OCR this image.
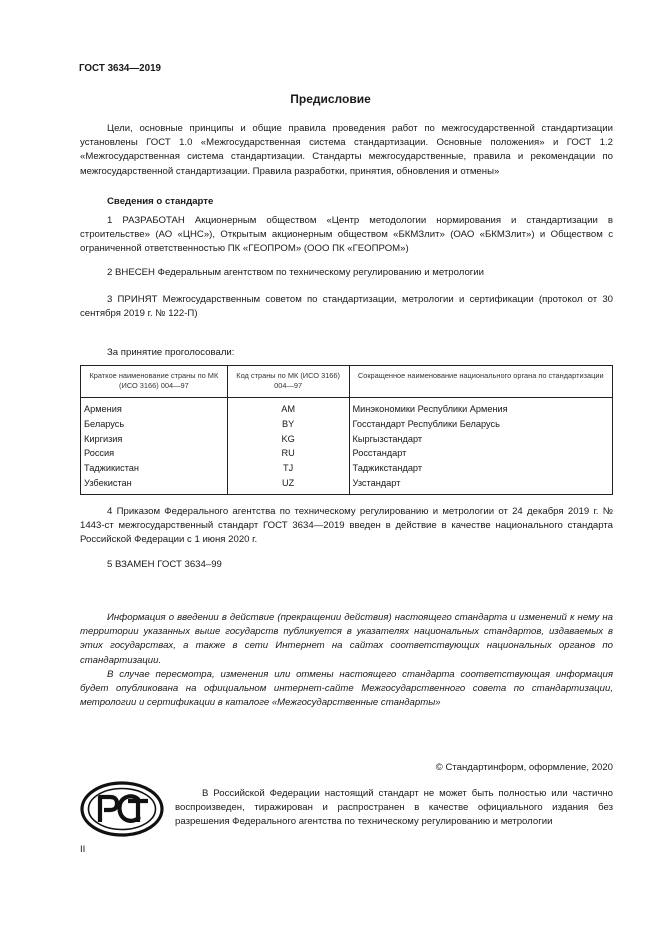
ГОСТ 3634—2019
Предисловие

Цели, основные принципы и общие правила проведения работ по межгосударственной стандартизации установлены ГОСТ 1.0 «Межгосударственная система стандартизации. Основные положения» и ГОСТ 1.2 «Межгосударственная система стандартизации. Стандарты межгосударственные, правила и рекомендации по межгосударственной стандартизации. Правила разработки, принятия, обновления и отмены»

Сведения о стандарте

1 РАЗРАБОТАН Акционерным обществом «Центр методологии нормирования и стандартизации в строительстве» (АО «ЦНС»), Открытым акционерным обществом «БКМЗлит» (ОАО «БКМЗлит») и Обществом с ограниченной ответственностью ПК «ГЕОПРОМ» (ООО ПК «ГЕОПРОМ»)

2 ВНЕСЕН Федеральным агентством по техническому регулированию и метрологии

3 ПРИНЯТ Межгосударственным советом по стандартизации, метрологии и сертификации (протокол от 30 сентября 2019 г. № 122-П)

За принятие проголосовали:

Краткое наименование страны по МК (ИСО 3166) 004—97	Код страны по МК (ИСО 3166) 004—97	Сокращенное наименование национального органа по стандартизации
Армения	AM	Минэкономики Республики Армения
Беларусь	BY	Госстандарт Республики Беларусь
Киргизия	KG	Кыргызстандарт
Россия	RU	Росстандарт
Таджикистан	TJ	Таджикстандарт
Узбекистан	UZ	Узстандарт

4 Приказом Федерального агентства по техническому регулированию и метрологии от 24 декабря 2019 г. № 1443-ст межгосударственный стандарт ГОСТ 3634—2019 введен в действие в качестве национального стандарта Российской Федерации с 1 июня 2020 г.

5 ВЗАМЕН ГОСТ 3634–99

Информация о введении в действие (прекращении действия) настоящего стандарта и изменений к нему на территории указанных выше государств публикуется в указателях национальных стандартов, издаваемых в этих государствах, а также в сети Интернет на сайтах соответствующих национальных органов по стандартизации.

В случае пересмотра, изменения или отмены настоящего стандарта соответствующая информация будет опубликована на официальном интернет-сайте Межгосударственного совета по стандартизации, метрологии и сертификации в каталоге «Межгосударственные стандарты»

© Стандартинформ, оформление, 2020

В Российской Федерации настоящий стандарт не может быть полностью или частично воспроизведен, тиражирован и распространен в качестве официального издания без разрешения Федерального агентства по техническому регулированию и метрологии

II
